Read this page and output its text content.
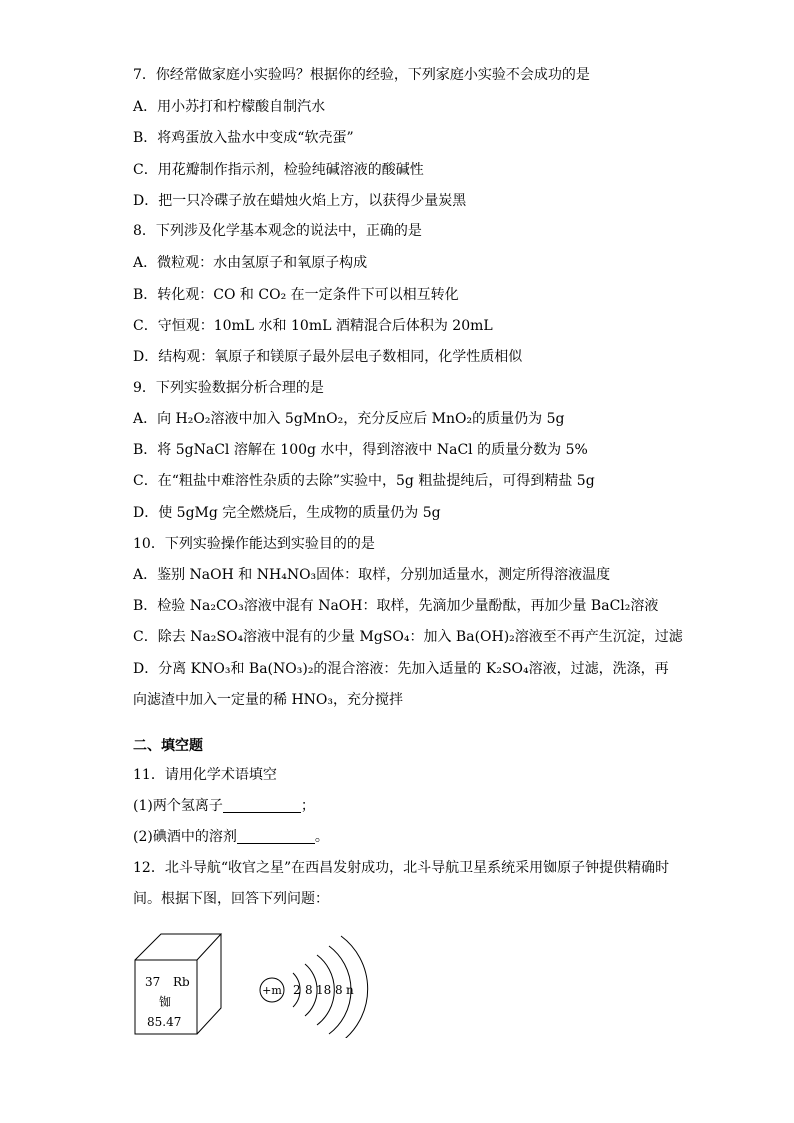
7．你经常做家庭小实验吗？根据你的经验，下列家庭小实验不会成功的是
A．用小苏打和柠檬酸自制汽水
B．将鸡蛋放入盐水中变成“软壳蛋”
C．用花瓣制作指示剂，检验纯碱溶液的酸碱性
D．把一只冷碟子放在蜡烛火焰上方，以获得少量炭黑
8．下列涉及化学基本观念的说法中，正确的是
A．微粒观：水由氢原子和氧原子构成
B．转化观：CO 和 CO₂ 在一定条件下可以相互转化
C．守恒观：10mL 水和 10mL 酒精混合后体积为 20mL
D．结构观：氧原子和镁原子最外层电子数相同，化学性质相似
9．下列实验数据分析合理的是
A．向 H₂O₂溶液中加入 5gMnO₂，充分反应后 MnO₂的质量仍为 5g
B．将 5gNaCl 溶解在 100g 水中，得到溶液中 NaCl 的质量分数为 5%
C．在“粗盐中难溶性杂质的去除”实验中，5g 粗盐提纯后，可得到精盐 5g
D．使 5gMg 完全燃烧后，生成物的质量仍为 5g
10．下列实验操作能达到实验目的的是
A．鉴别 NaOH 和 NH₄NO₃固体：取样，分别加适量水，测定所得溶液温度
B．检验 Na₂CO₃溶液中混有 NaOH：取样，先滴加少量酚酞，再加少量 BaCl₂溶液
C．除去 Na₂SO₄溶液中混有的少量 MgSO₄：加入 Ba(OH)₂溶液至不再产生沉淀，过滤
D．分离 KNO₃和 Ba(NO₃)₂的混合溶液：先加入适量的 K₂SO₄溶液，过滤，洗涤，再
向滤渣中加入一定量的稀 HNO₃，充分搅拌
二、填空题
11．请用化学术语填空
(1)两个氢离子	；
(2)碘酒中的溶剂	。
12．北斗导航“收官之星”在西昌发射成功，北斗导航卫星系统采用铷原子钟提供精确时
间。根据下图，回答下列问题：
37 Rb
铷
85.47
+m 2 8 18 8 n
